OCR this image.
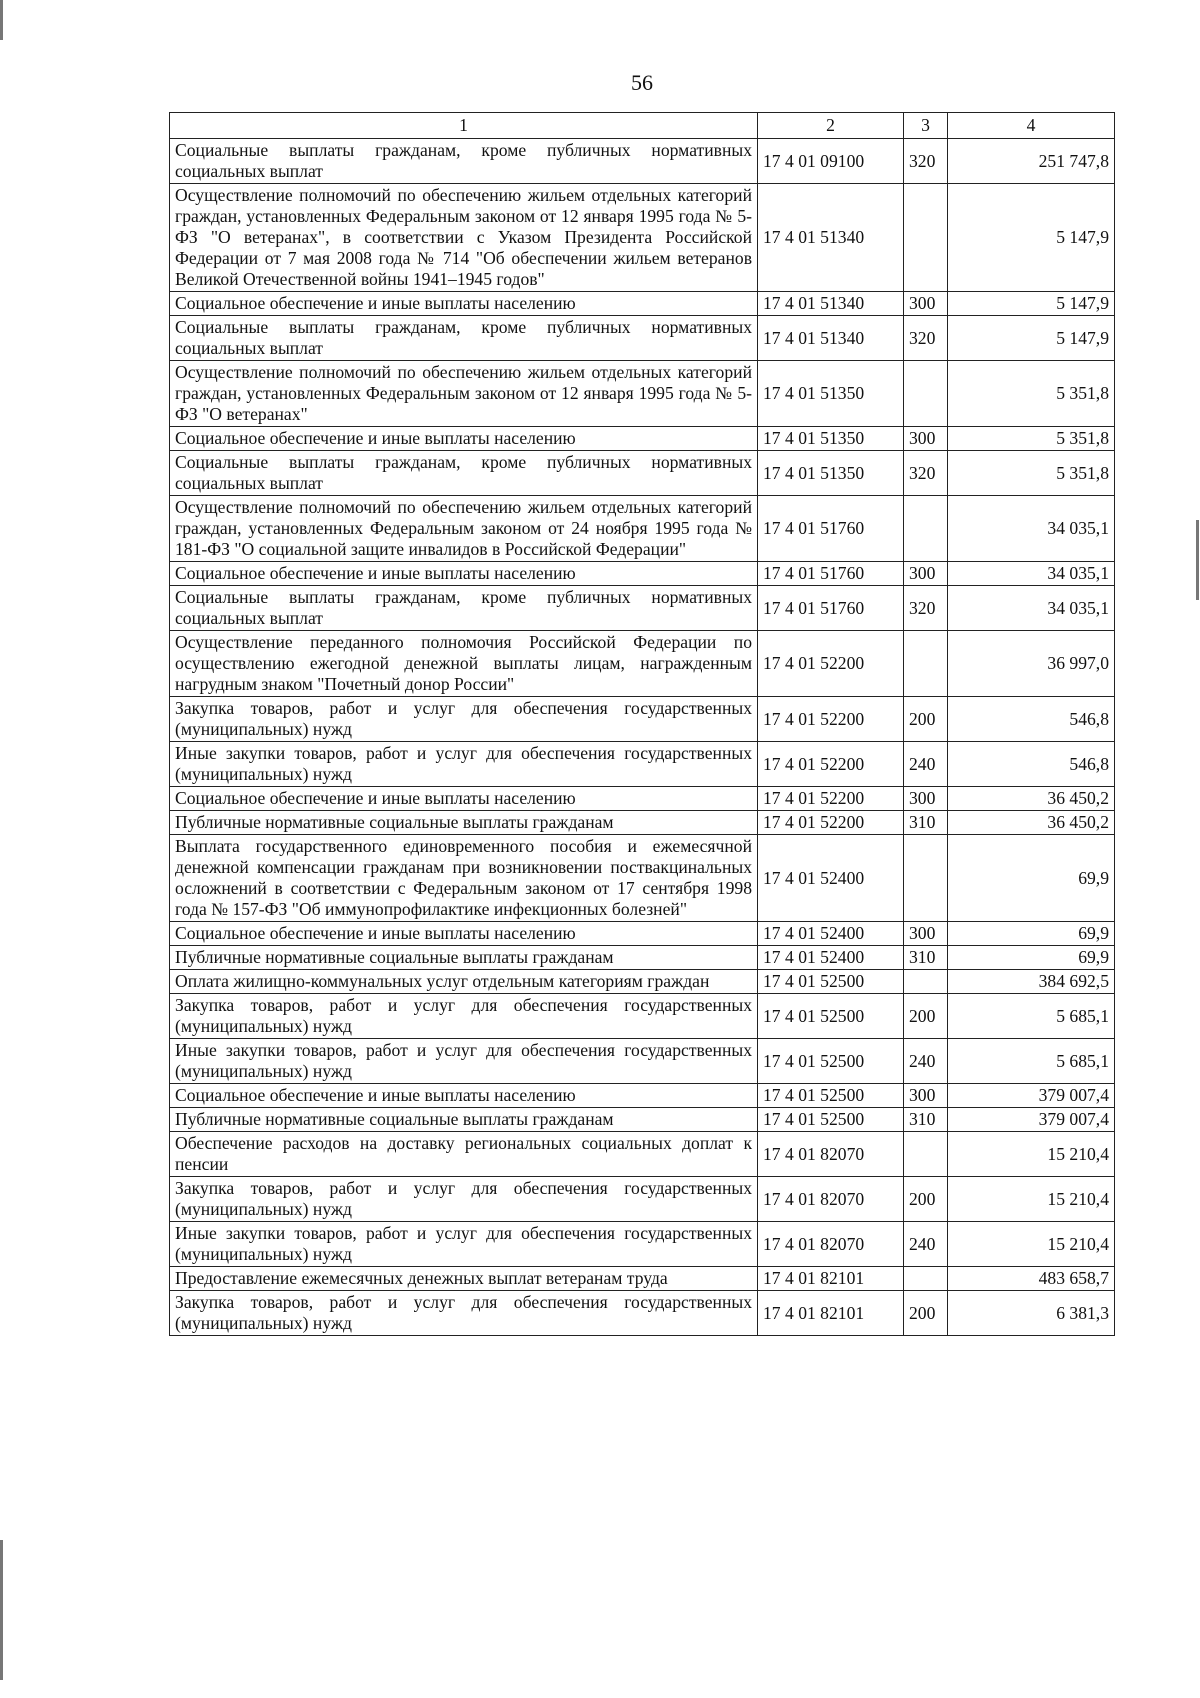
56
1	2	3	4
Социальные выплаты гражданам, кроме публичных нормативных социальных выплат	17 4 01 09100	320	251 747,8
Осуществление полномочий по обеспечению жильем отдельных категорий граждан, установленных Федеральным законом от 12 января 1995 года № 5-ФЗ "О ветеранах", в соответствии с Указом Президента Российской Федерации от 7 мая 2008 года № 714 "Об обеспечении жильем ветеранов Великой Отечественной войны 1941–1945 годов"	17 4 01 51340		5 147,9
Социальное обеспечение и иные выплаты населению	17 4 01 51340	300	5 147,9
Социальные выплаты гражданам, кроме публичных нормативных социальных выплат	17 4 01 51340	320	5 147,9
Осуществление полномочий по обеспечению жильем отдельных категорий граждан, установленных Федеральным законом от 12 января 1995 года № 5-ФЗ "О ветеранах"	17 4 01 51350		5 351,8
Социальное обеспечение и иные выплаты населению	17 4 01 51350	300	5 351,8
Социальные выплаты гражданам, кроме публичных нормативных социальных выплат	17 4 01 51350	320	5 351,8
Осуществление полномочий по обеспечению жильем отдельных категорий граждан, установленных Федеральным законом от 24 ноября 1995 года № 181-ФЗ "О социальной защите инвалидов в Российской Федерации"	17 4 01 51760		34 035,1
Социальное обеспечение и иные выплаты населению	17 4 01 51760	300	34 035,1
Социальные выплаты гражданам, кроме публичных нормативных социальных выплат	17 4 01 51760	320	34 035,1
Осуществление переданного полномочия Российской Федерации по осуществлению ежегодной денежной выплаты лицам, награжденным нагрудным знаком "Почетный донор России"	17 4 01 52200		36 997,0
Закупка товаров, работ и услуг для обеспечения государственных (муниципальных) нужд	17 4 01 52200	200	546,8
Иные закупки товаров, работ и услуг для обеспечения государственных (муниципальных) нужд	17 4 01 52200	240	546,8
Социальное обеспечение и иные выплаты населению	17 4 01 52200	300	36 450,2
Публичные нормативные социальные выплаты гражданам	17 4 01 52200	310	36 450,2
Выплата государственного единовременного пособия и ежемесячной денежной компенсации гражданам при возникновении поствакцинальных осложнений в соответствии с Федеральным законом от 17 сентября 1998 года № 157-ФЗ "Об иммунопрофилактике инфекционных болезней"	17 4 01 52400		69,9
Социальное обеспечение и иные выплаты населению	17 4 01 52400	300	69,9
Публичные нормативные социальные выплаты гражданам	17 4 01 52400	310	69,9
Оплата жилищно-коммунальных услуг отдельным категориям граждан	17 4 01 52500		384 692,5
Закупка товаров, работ и услуг для обеспечения государственных (муниципальных) нужд	17 4 01 52500	200	5 685,1
Иные закупки товаров, работ и услуг для обеспечения государственных (муниципальных) нужд	17 4 01 52500	240	5 685,1
Социальное обеспечение и иные выплаты населению	17 4 01 52500	300	379 007,4
Публичные нормативные социальные выплаты гражданам	17 4 01 52500	310	379 007,4
Обеспечение расходов на доставку региональных социальных доплат к пенсии	17 4 01 82070		15 210,4
Закупка товаров, работ и услуг для обеспечения государственных (муниципальных) нужд	17 4 01 82070	200	15 210,4
Иные закупки товаров, работ и услуг для обеспечения государственных (муниципальных) нужд	17 4 01 82070	240	15 210,4
Предоставление ежемесячных денежных выплат ветеранам труда	17 4 01 82101		483 658,7
Закупка товаров, работ и услуг для обеспечения государственных (муниципальных) нужд	17 4 01 82101	200	6 381,3
